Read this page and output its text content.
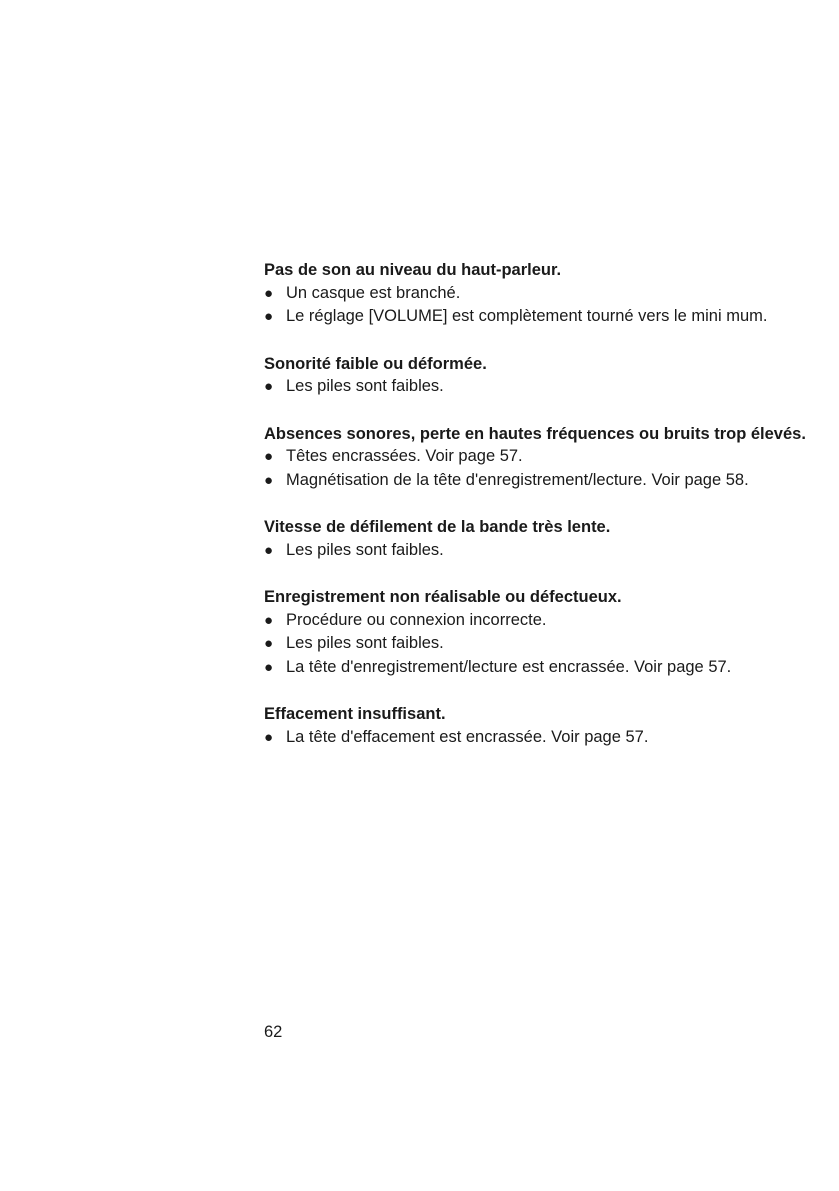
Pas de son au niveau du haut-parleur.

● Un casque est branché.

● Le réglage [VOLUME] est complètement tourné vers le mini mum.

Sonorité faible ou déformée.

● Les piles sont faibles.

Absences sonores, perte en hautes fréquences ou bruits trop élevés.

● Têtes encrassées. Voir page 57.

● Magnétisation de la tête d'enregistrement/lecture. Voir page 58.

Vitesse de défilement de la bande très lente.

● Les piles sont faibles.

Enregistrement non réalisable ou défectueux.

● Procédure ou connexion incorrecte.

● Les piles sont faibles.

● La tête d'enregistrement/lecture est encrassée. Voir page 57.

Effacement insuffisant.

● La tête d'effacement est encrassée. Voir page 57.

62
